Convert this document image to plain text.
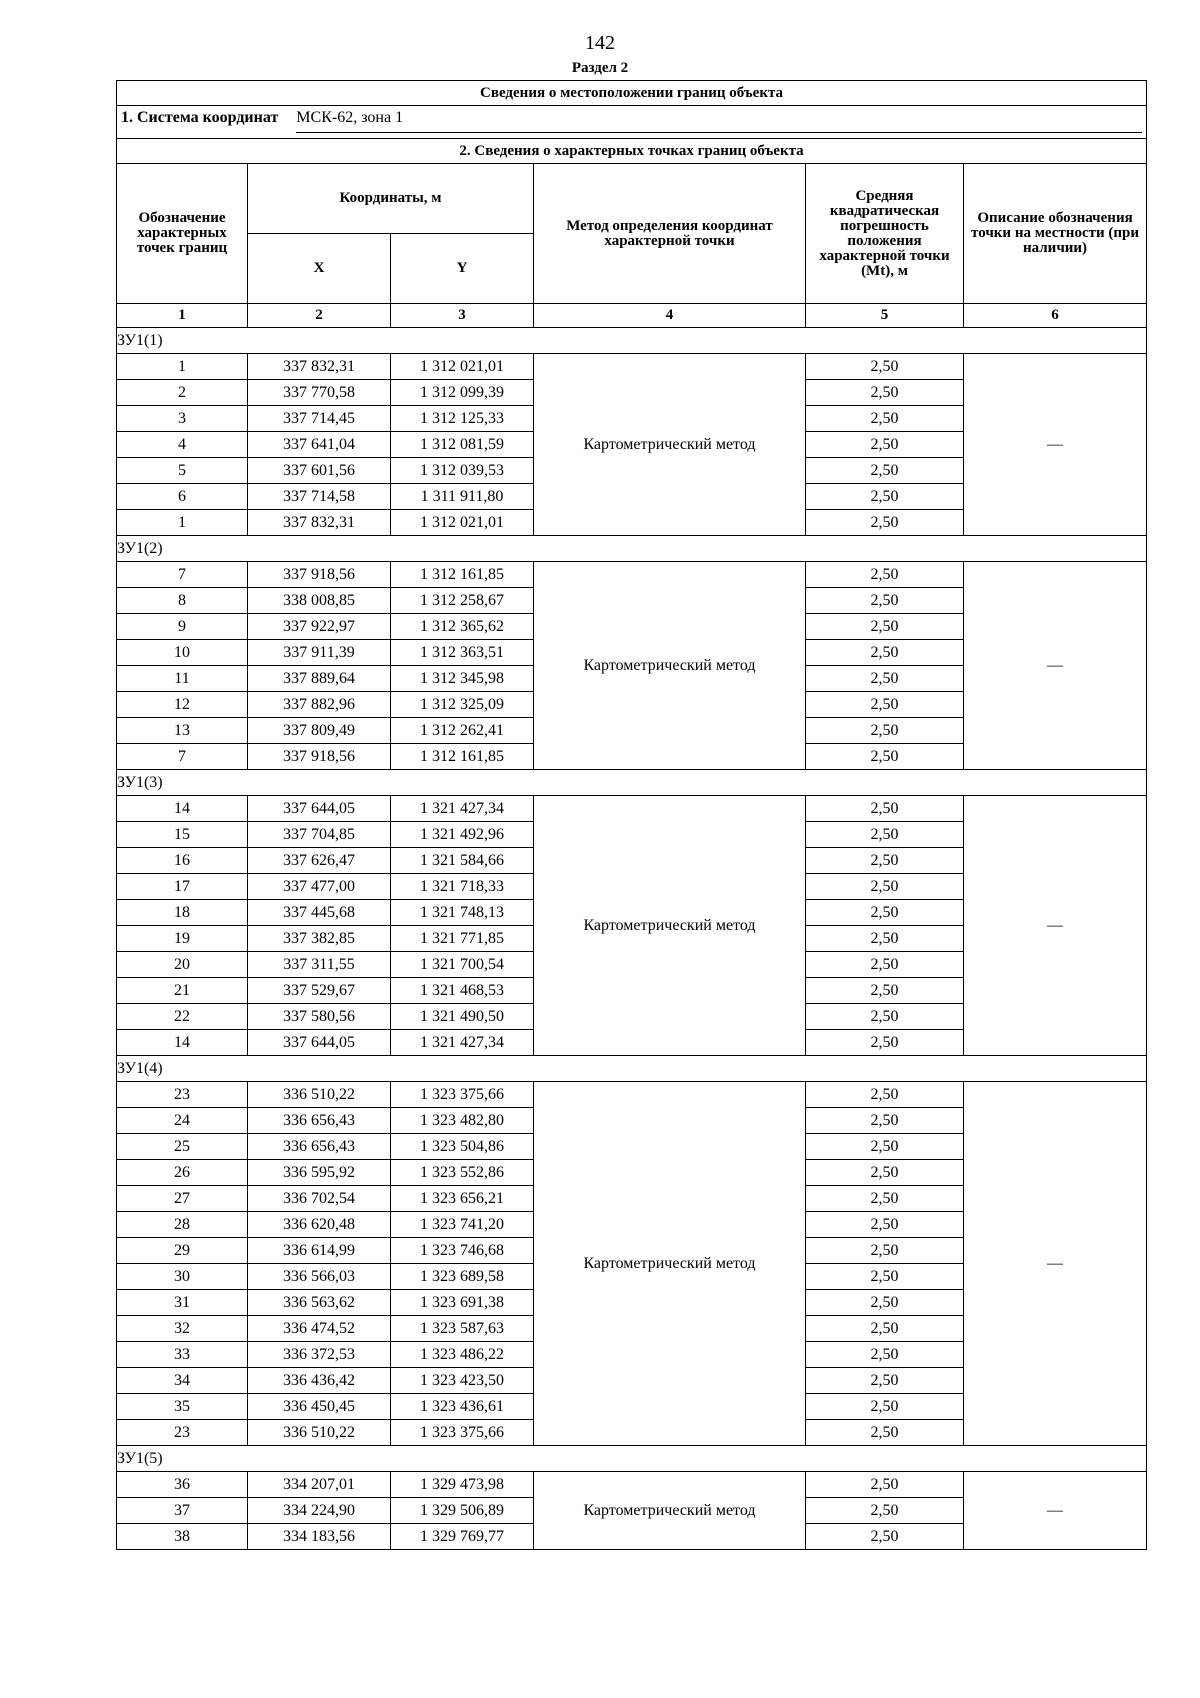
142
Раздел 2
Сведения о местоположении границ объекта					

1. Система координат МСК-62, зона 1					

2. Сведения о характерных точках границ объекта					
Обозначение характерных точек границ	Координаты, м		Метод определения координат характерной точки	Средняя квадратическая погрешность положения характерной точки (Mt), м	Описание обозначения точки на местности (при наличии)
	X	Y			
1	2	3	4	5	6
ЗУ1(1)					
1	337 832,31	1 312 021,01	Картометрический метод	2,50	—
2	337 770,58	1 312 099,39		2,50	
3	337 714,45	1 312 125,33		2,50	
4	337 641,04	1 312 081,59		2,50	
5	337 601,56	1 312 039,53		2,50	
6	337 714,58	1 311 911,80		2,50	
1	337 832,31	1 312 021,01		2,50	
ЗУ1(2)					
7	337 918,56	1 312 161,85	Картометрический метод	2,50	—
8	338 008,85	1 312 258,67		2,50	
9	337 922,97	1 312 365,62		2,50	
10	337 911,39	1 312 363,51		2,50	
11	337 889,64	1 312 345,98		2,50	
12	337 882,96	1 312 325,09		2,50	
13	337 809,49	1 312 262,41		2,50	
7	337 918,56	1 312 161,85		2,50	
ЗУ1(3)					
14	337 644,05	1 321 427,34	Картометрический метод	2,50	—
15	337 704,85	1 321 492,96		2,50	
16	337 626,47	1 321 584,66		2,50	
17	337 477,00	1 321 718,33		2,50	
18	337 445,68	1 321 748,13		2,50	
19	337 382,85	1 321 771,85		2,50	
20	337 311,55	1 321 700,54		2,50	
21	337 529,67	1 321 468,53		2,50	
22	337 580,56	1 321 490,50		2,50	
14	337 644,05	1 321 427,34		2,50	
ЗУ1(4)					
23	336 510,22	1 323 375,66	Картометрический метод	2,50	—
24	336 656,43	1 323 482,80		2,50	
25	336 656,43	1 323 504,86		2,50	
26	336 595,92	1 323 552,86		2,50	
27	336 702,54	1 323 656,21		2,50	
28	336 620,48	1 323 741,20		2,50	
29	336 614,99	1 323 746,68		2,50	
30	336 566,03	1 323 689,58		2,50	
31	336 563,62	1 323 691,38		2,50	
32	336 474,52	1 323 587,63		2,50	
33	336 372,53	1 323 486,22		2,50	
34	336 436,42	1 323 423,50		2,50	
35	336 450,45	1 323 436,61		2,50	
23	336 510,22	1 323 375,66		2,50	
ЗУ1(5)					
36	334 207,01	1 329 473,98	Картометрический метод	2,50	—
37	334 224,90	1 329 506,89		2,50	
38	334 183,56	1 329 769,77		2,50	
